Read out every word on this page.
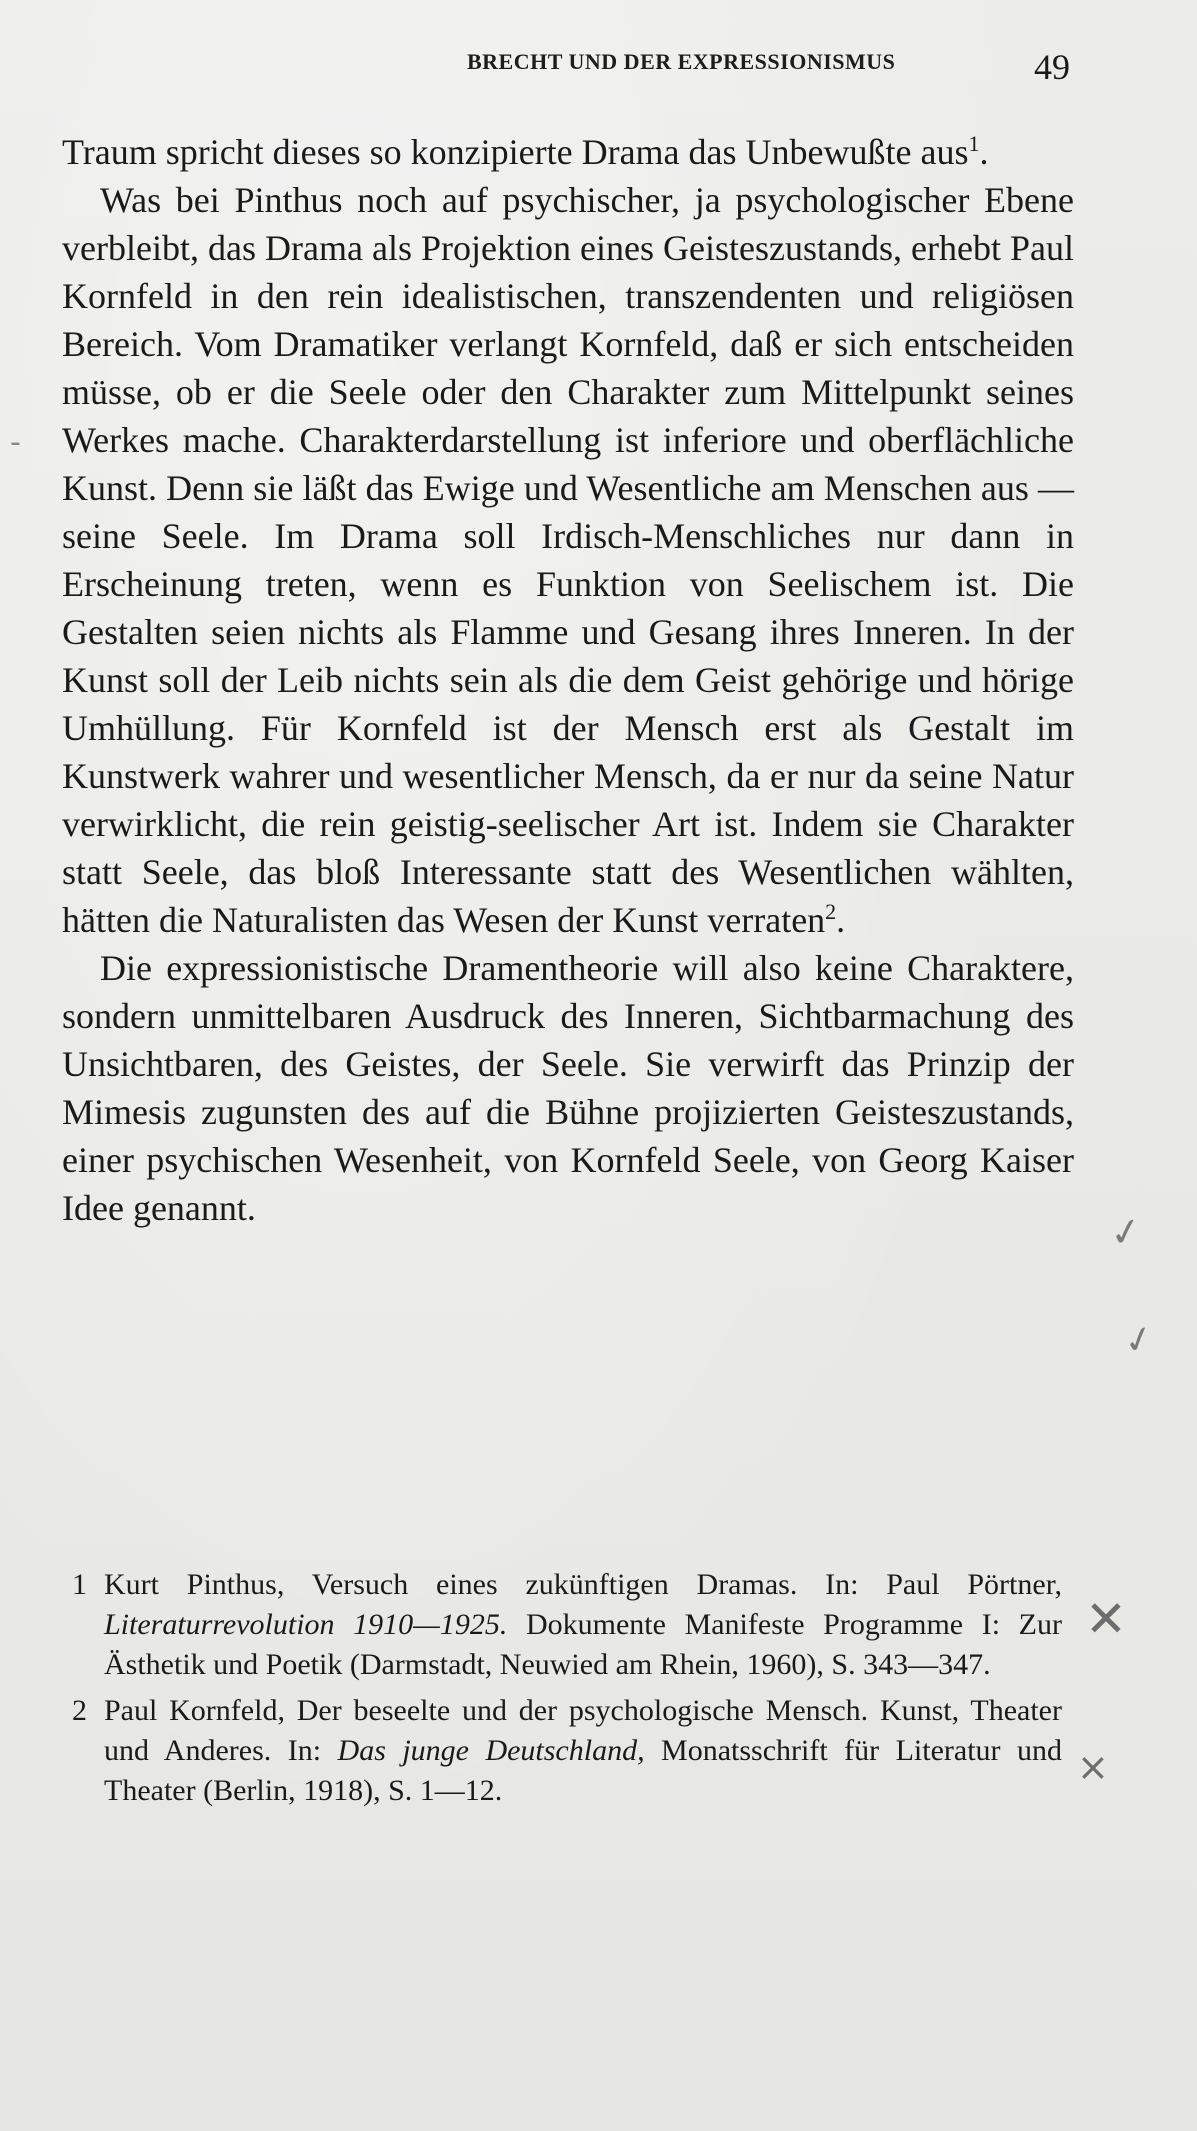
BRECHT UND DER EXPRESSIONISMUS	49

Traum spricht dieses so konzipierte Drama das Unbewußte aus$^1$.

Was bei Pinthus noch auf psychischer, ja psychologischer Ebene verbleibt, das Drama als Projektion eines Geisteszustands, erhebt Paul Kornfeld in den rein idealistischen, transzendenten und religiösen Bereich. Vom Dramatiker verlangt Kornfeld, daß er sich entscheiden müsse, ob er die Seele oder den Charakter zum Mittelpunkt seines Werkes mache. Charakterdarstellung ist inferiore und oberflächliche Kunst. Denn sie läßt das Ewige und Wesentliche am Menschen aus — seine Seele. Im Drama soll Irdisch-Menschliches nur dann in Erscheinung treten, wenn es Funktion von Seelischem ist. Die Gestalten seien nichts als Flamme und Gesang ihres Inneren. In der Kunst soll der Leib nichts sein als die dem Geist gehörige und hörige Umhüllung. Für Kornfeld ist der Mensch erst als Gestalt im Kunstwerk wahrer und wesentlicher Mensch, da er nur da seine Natur verwirklicht, die rein geistig-seelischer Art ist. Indem sie Charakter statt Seele, das bloß Interessante statt des Wesentlichen wählten, hätten die Naturalisten das Wesen der Kunst verraten$^2$.

Die expressionistische Dramentheorie will also keine Charaktere, sondern unmittelbaren Ausdruck des Inneren, Sichtbarmachung des Unsichtbaren, des Geistes, der Seele. Sie verwirft das Prinzip der Mimesis zugunsten des auf die Bühne projizierten Geisteszustands, einer psychischen Wesenheit, von Kornfeld Seele, von Georg Kaiser Idee genannt.

1 Kurt Pinthus, Versuch eines zukünftigen Dramas. In: Paul Pörtner, Literaturrevolution 1910—1925. Dokumente Manifeste Programme I: Zur Ästhetik und Poetik (Darmstadt, Neuwied am Rhein, 1960), S. 343—347.
2 Paul Kornfeld, Der beseelte und der psychologische Mensch. Kunst, Theater und Anderes. In: Das junge Deutschland, Monatsschrift für Literatur und Theater (Berlin, 1918), S. 1—12.
✓
✓
✕
×
-
